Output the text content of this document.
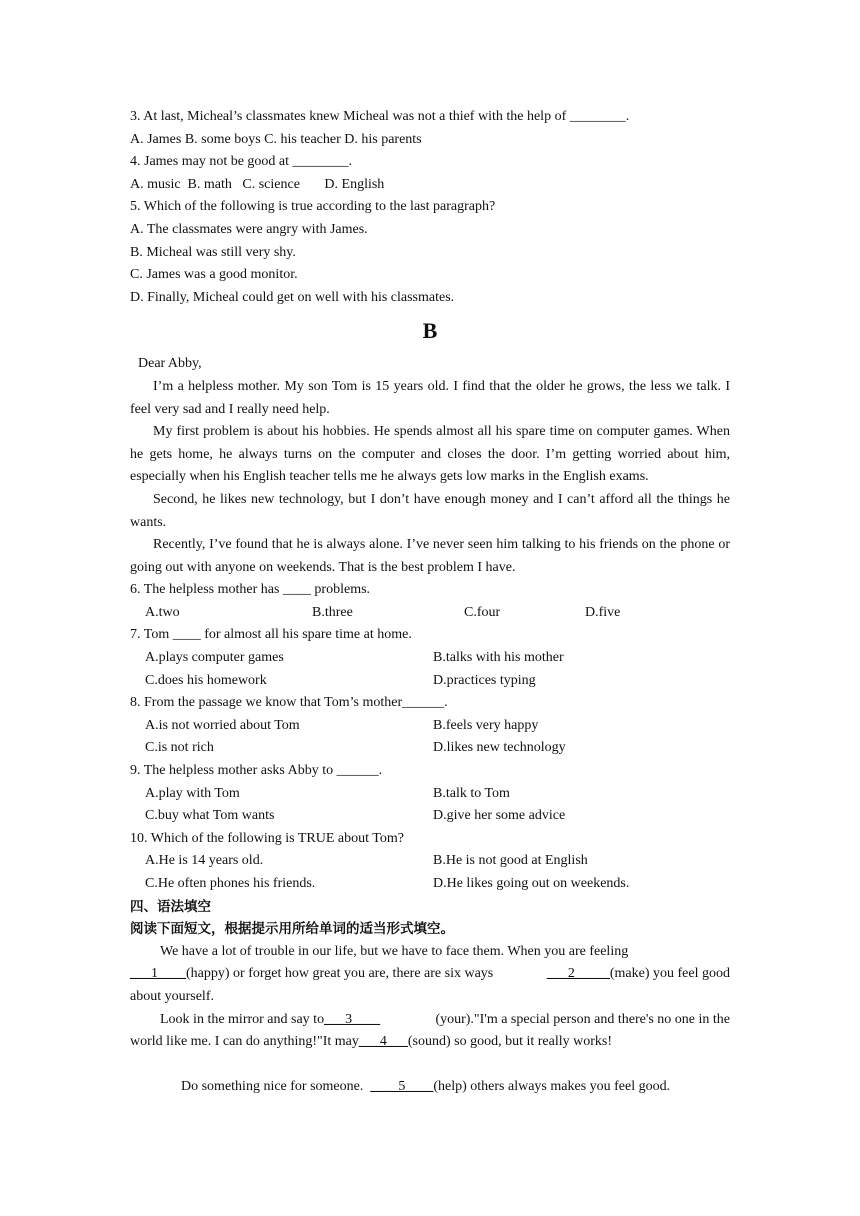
3. At last, Micheal’s classmates knew Micheal was not a thief with the help of ________.
A. James B. some boys C. his teacher D. his parents
4. James may not be good at ________.
A. music  B. math   C. science       D. English
5. Which of the following is true according to the last paragraph?
A. The classmates were angry with James.
B. Micheal was still very shy.
C. James was a good monitor.
D. Finally, Micheal could get on well with his classmates.
B
Dear Abby,
I’m a helpless mother. My son Tom is 15 years old. I find that the older he grows, the less we talk. I feel very sad and I really need help.
My first problem is about his hobbies. He spends almost all his spare time on computer games. When he gets home, he always turns on the computer and closes the door. I’m getting worried about him, especially when his English teacher tells me he always gets low marks in the English exams.
Second, he likes new technology, but I don’t have enough money and I can’t afford all the things he wants.
Recently, I’ve found that he is always alone. I’ve never seen him talking to his friends on the phone or going out with anyone on weekends. That is the best problem I have.
6. The helpless mother has ____ problems.
A.two	B.three	C.four	D.five
7. Tom ____ for almost all his spare time at home.
A.plays computer games	B.talks with his mother
C.does his homework	D.practices typing
8. From the passage we know that Tom’s mother______.
A.is not worried about Tom	B.feels very happy
C.is not rich	D.likes new technology
9. The helpless mother asks Abby to ______.
A.play with Tom	B.talk to Tom
C.buy what Tom wants	D.give her some advice
10. Which of the following is TRUE about Tom?
A.He is 14 years old.	B.He is not good at English
C.He often phones his friends.	D.He likes going out on weekends.
四、语法填空
阅读下面短文，根据提示用所给单词的适当形式填空。
We have a lot of trouble in our life, but we have to face them. When you are feeling
___1____(happy) or forget how great you are, there are six ways	___2_____(make) you feel good
about yourself.
Look in the mirror and say to___3____	(your)."I'm a special person and there's no one in the
world like me. I can do anything!"It may___4___(sound) so good, but it really works!

Do something nice for someone.  ____5____(help) others always makes you feel good.
